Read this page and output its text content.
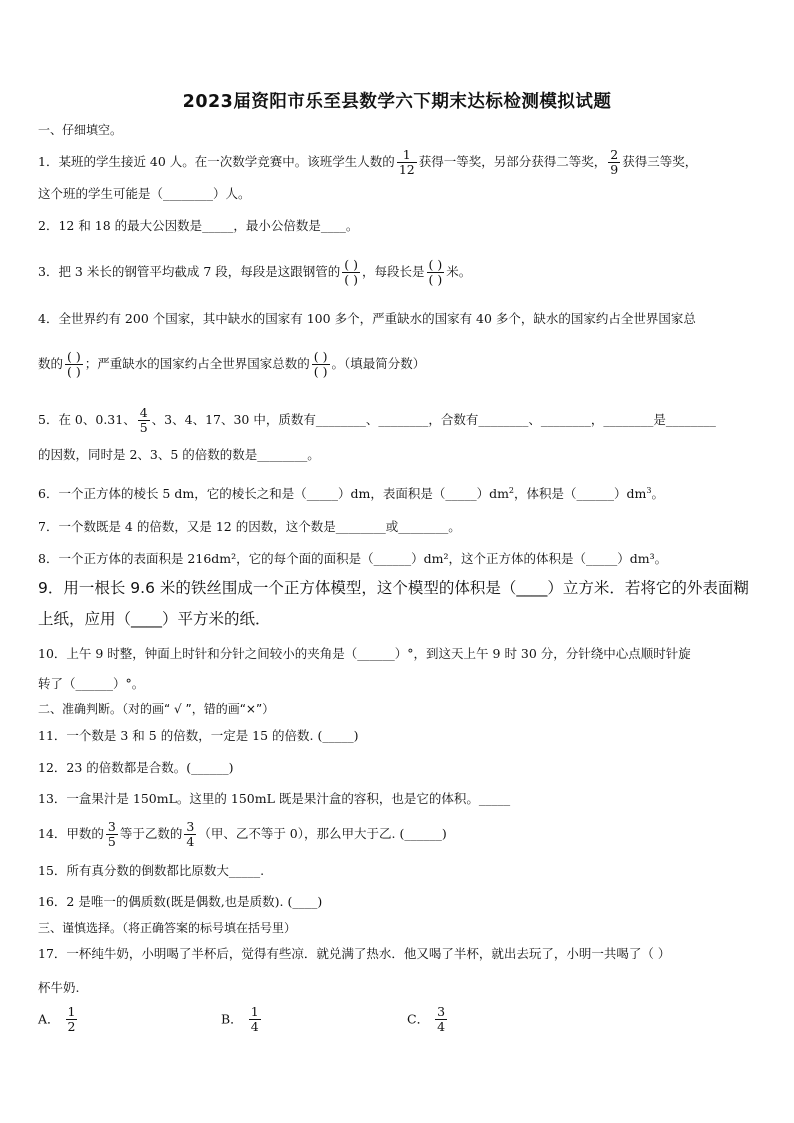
2023届资阳市乐至县数学六下期末达标检测模拟试题
一、仔细填空。
1．某班的学生接近 40 人。在一次数学竞赛中。该班学生人数的 $\frac{1}{12}$ 获得一等奖，另部分获得二等奖， $\frac{2}{9}$ 获得三等奖，
这个班的学生可能是（________）人。
2．12 和 18 的最大公因数是_____，最小公倍数是____。
3．把 3 米长的钢管平均截成 7 段，每段是这跟钢管的 ( )
( )
，每段长是 ( )
( )
米。
4．全世界约有 200 个国家，其中缺水的国家有 100 多个，严重缺水的国家有 40 多个，缺水的国家约占全世界国家总
数的 ( )
( )
；严重缺水的国家约占全世界国家总数的 ( )
( )
。（填最简分数）
5．在 0、0.31、 $\frac{4}{5}$ 、3、4、17、30 中，质数有________、________，合数有________、________，________是________
的因数，同时是 2、3、5 的倍数的数是________。
6．一个正方体的棱长 5 dm，它的棱长之和是（_____）dm，表面积是$(\_\_\_\_\_)dm^2$，体积是$(\_\_\_\_\_\_)dm^3$。
7．一个数既是 4 的倍数，又是 12 的因数，这个数是________或________。
8．一个正方体的表面积是 216dm²，它的每个面的面积是（______）dm²，这个正方体的体积是（_____）dm³。
9．用一根长 9.6 米的铁丝围成一个正方体模型，这个模型的体积是（____）立方米．若将它的外表面糊
上纸，应用（____）平方米的纸．
10．上午 9 时整，钟面上时针和分针之间较小的夹角是（______）°，到这天上午 9 时 30 分，分针绕中心点顺时针旋
转了（______）°。
二、准确判断。（对的画“ √ ”，错的画“×”）
11．一个数是 3 和 5 的倍数，一定是 15 的倍数. (_____)
12．23 的倍数都是合数。(______)
13．一盒果汁是 150mL。这里的 150mL 既是果汁盒的容积，也是它的体积。_____
14．甲数的 $\frac{3}{5}$ 等于乙数的 $\frac{3}{4}$ （甲、乙不等于 0），那么甲大于乙. (______)
15．所有真分数的倒数都比原数大_____.
16．2 是唯一的偶质数(既是偶数,也是质数). (____)
三、谨慎选择。（将正确答案的标号填在括号里）
17．一杯纯牛奶，小明喝了半杯后，觉得有些凉．就兑满了热水．他又喝了半杯，就出去玩了，小明一共喝了（ ）
杯牛奶.
A． $\frac{1}{2}$	B． $\frac{1}{4}$	C． $\frac{3}{4}$
